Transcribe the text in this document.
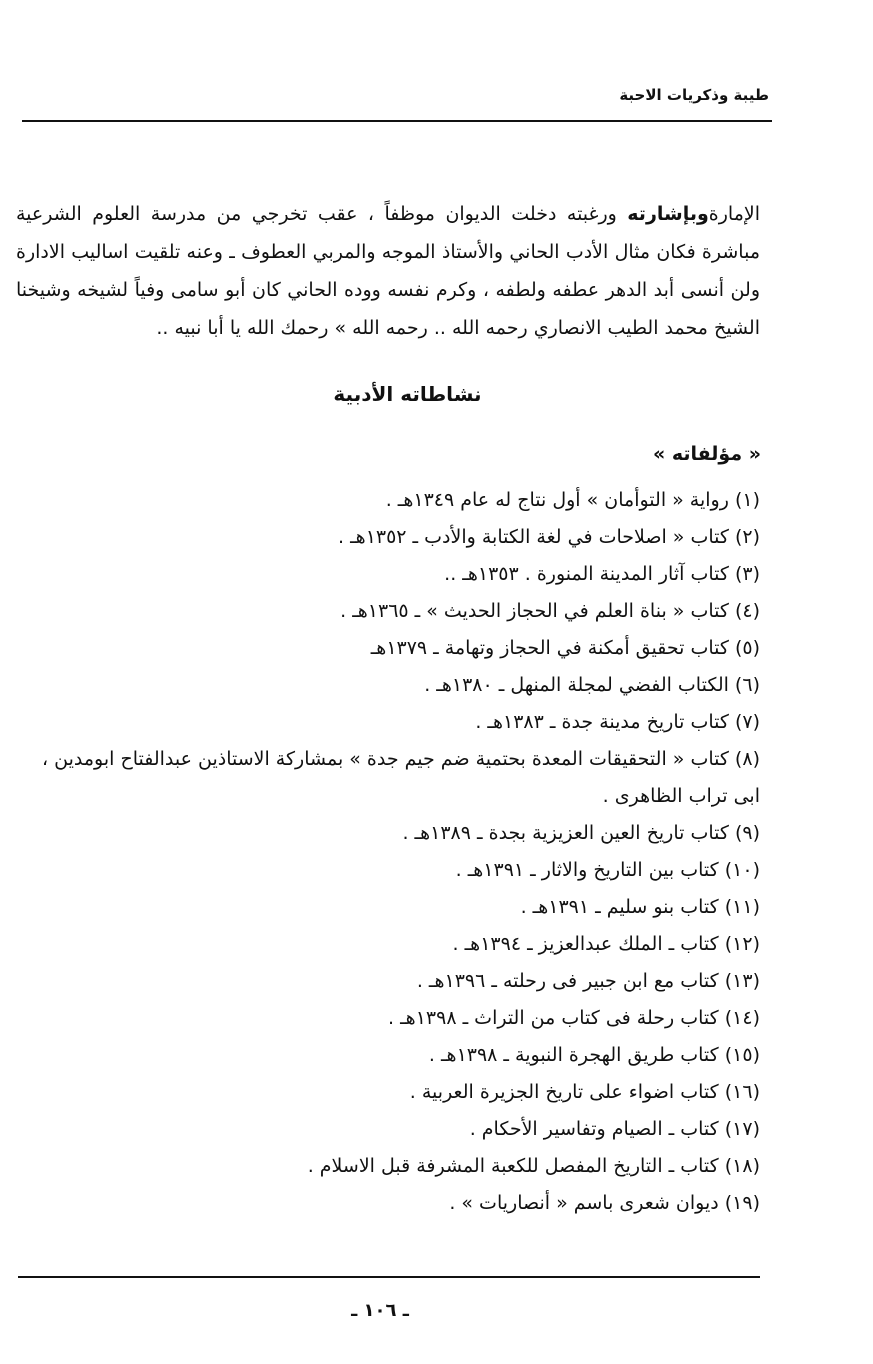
طيبة وذكريات الاحبة

الإمارةوبإشارته ورغبته دخلت الديوان موظفاً ، عقب تخرجي من مدرسة العلوم الشرعية مباشرة فكان مثال الأدب الحاني والأستاذ الموجه والمربي العطوف ـ وعنه تلقيت اساليب الادارة ولن أنسى أبد الدهر عطفه ولطفه ، وكرم نفسه ووده الحاني كان أبو سامى وفياً لشيخه وشيخنا الشيخ محمد الطيب الانصاري رحمه الله .. رحمه الله » رحمك الله يا أبا نبيه ..

نشاطاته الأدبية
« مؤلفاته »
(١) رواية « التوأمان » أول نتاج له عام ١٣٤٩هـ .
(٢) كتاب « اصلاحات في لغة الكتابة والأدب ـ ١٣٥٢هـ .
(٣) كتاب آثار المدينة المنورة . ١٣٥٣هـ ..
(٤) كتاب « بناة العلم في الحجاز الحديث » ـ ١٣٦٥هـ .
(٥) كتاب تحقيق أمكنة في الحجاز وتهامة ـ ١٣٧٩هـ
(٦) الكتاب الفضي لمجلة المنهل ـ ١٣٨٠هـ .
(٧) كتاب تاريخ مدينة جدة ـ ١٣٨٣هـ .
(٨) كتاب « التحقيقات المعدة بحتمية ضم جيم جدة » بمشاركة الاستاذين عبدالفتاح ابومدين ، ابى تراب الظاهرى .
(٩) كتاب تاريخ العين العزيزية بجدة ـ ١٣٨٩هـ .
(١٠) كتاب بين التاريخ والاثار ـ ١٣٩١هـ .
(١١) كتاب بنو سليم ـ ١٣٩١هـ .
(١٢) كتاب ـ الملك عبدالعزيز ـ ١٣٩٤هـ .
(١٣) كتاب مع ابن جبير فى رحلته ـ ١٣٩٦هـ .
(١٤) كتاب رحلة فى كتاب من التراث ـ ١٣٩٨هـ .
(١٥) كتاب طريق الهجرة النبوية ـ ١٣٩٨هـ .
(١٦) كتاب اضواء على تاريخ الجزيرة العربية .
(١٧) كتاب ـ الصيام وتفاسير الأحكام .
(١٨) كتاب ـ التاريخ المفصل للكعبة المشرفة قبل الاسلام .
(١٩) ديوان شعرى باسم « أنصاريات » .
ـ ١٠٦ ـ
